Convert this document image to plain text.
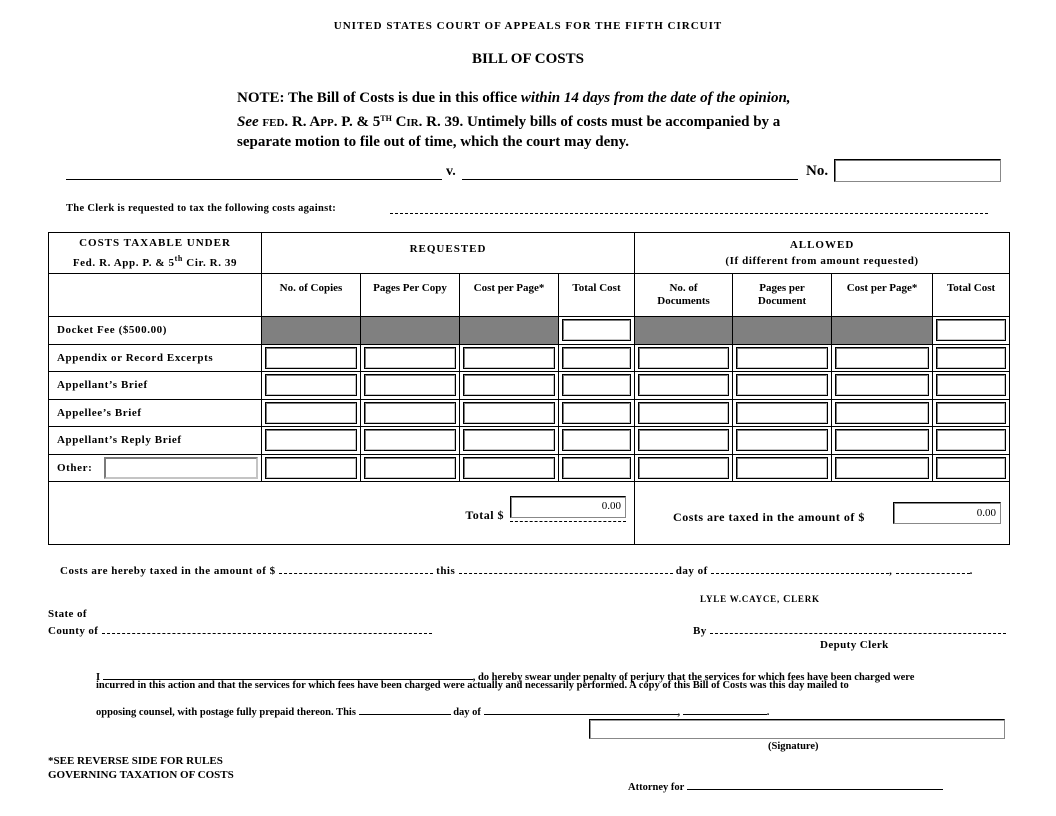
UNITED STATES COURT OF APPEALS FOR THE FIFTH CIRCUIT
BILL OF COSTS
NOTE: The Bill of Costs is due in this office within 14 days from the date of the opinion, See FED. R. APP. P. & 5TH CIR. R. 39. Untimely bills of costs must be accompanied by a separate motion to file out of time, which the court may deny.
v.	No.
The Clerk is requested to tax the following costs against:
COSTS TAXABLE UNDER
Fed. R. App. P. & 5th Cir. R. 39
	REQUESTED	ALLOWED
(If different from amount requested)

	No. of Copies	Pages Per Copy	Cost per Page*	Total Cost	No. of Documents	Pages per Document	Cost per Page*	Total Cost
Docket Fee ($500.00)				

Appendix or Record Excerpts	

Appellant’s Brief	

Appellee’s Brief	

Appellant’s Reply Brief	

Other:								

Total $
0.00					Costs are taxed in the amount of $ 0.00			
Costs are hereby taxed in the amount of $	this	day of	,	.
LYLE W.CAYCE, CLERK
State of
County of	By
Deputy Clerk
I	, do hereby swear under penalty of perjury that the services for which fees have been charged were
incurred in this action and that the services for which fees have been charged were actually and necessarily performed. A copy of this Bill of Costs was this day mailed to
opposing counsel, with postage fully prepaid thereon. This	day of	,	.
(Signature)
*SEE REVERSE SIDE FOR RULES
GOVERNING TAXATION OF COSTS
Attorney for
